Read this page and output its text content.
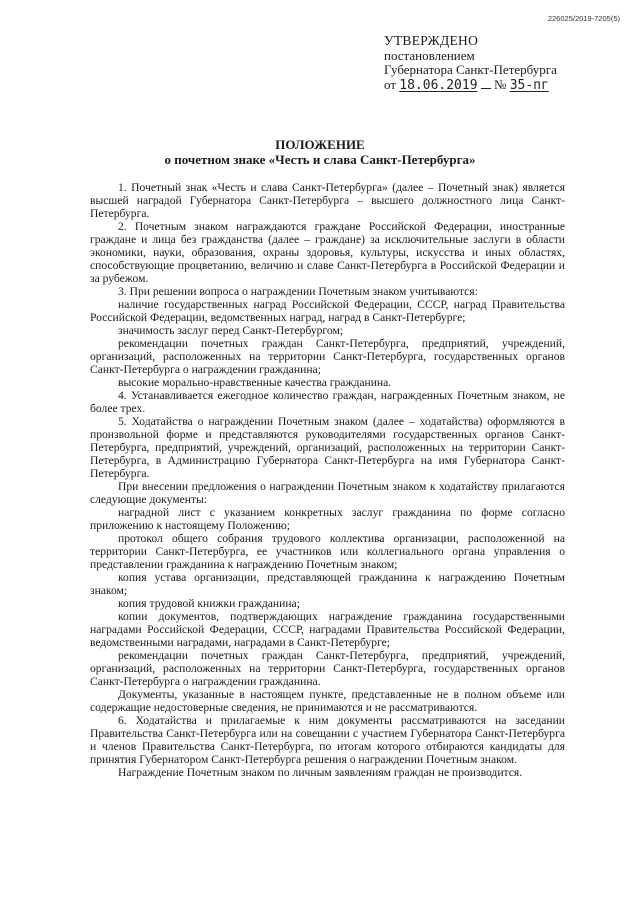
226025/2019-7205(5)
УТВЕРЖДЕНО
постановлением
Губернатора Санкт-Петербурга
от 18.06.2019 № 35-пг
ПОЛОЖЕНИЕ
о почетном знаке «Честь и слава Санкт-Петербурга»

1. Почетный знак «Честь и слава Санкт-Петербурга» (далее – Почетный знак) является высшей наградой Губернатора Санкт-Петербурга – высшего должностного лица Санкт-Петербурга.

2. Почетным знаком награждаются граждане Российской Федерации, иностранные граждане и лица без гражданства (далее – граждане) за исключительные заслуги в области экономики, науки, образования, охраны здоровья, культуры, искусства и иных областях, способствующие процветанию, величию и славе Санкт-Петербурга в Российской Федерации и за рубежом.

3. При решении вопроса о награждении Почетным знаком учитываются:

наличие государственных наград Российской Федерации, СССР, наград Правительства Российской Федерации, ведомственных наград, наград в Санкт-Петербурге;

значимость заслуг перед Санкт-Петербургом;

рекомендации почетных граждан Санкт-Петербурга, предприятий, учреждений, организаций, расположенных на территории Санкт-Петербурга, государственных органов Санкт-Петербурга о награждении гражданина;

высокие морально-нравственные качества гражданина.

4. Устанавливается ежегодное количество граждан, награжденных Почетным знаком, не более трех.

5. Ходатайства о награждении Почетным знаком (далее – ходатайства) оформляются в произвольной форме и представляются руководителями государственных органов Санкт-Петербурга, предприятий, учреждений, организаций, расположенных на территории Санкт-Петербурга, в Администрацию Губернатора Санкт-Петербурга на имя Губернатора Санкт-Петербурга.

При внесении предложения о награждении Почетным знаком к ходатайству прилагаются следующие документы:

наградной лист с указанием конкретных заслуг гражданина по форме согласно приложению к настоящему Положению;

протокол общего собрания трудового коллектива организации, расположенной на территории Санкт-Петербурга, ее участников или коллегиального органа управления о представлении гражданина к награждению Почетным знаком;

копия устава организации, представляющей гражданина к награждению Почетным знаком;

копия трудовой книжки гражданина;

копии документов, подтверждающих награждение гражданина государственными наградами Российской Федерации, СССР, наградами Правительства Российской Федерации, ведомственными наградами, наградами в Санкт-Петербурге;

рекомендации почетных граждан Санкт-Петербурга, предприятий, учреждений, организаций, расположенных на территории Санкт-Петербурга, государственных органов Санкт-Петербурга о награждении гражданина.

Документы, указанные в настоящем пункте, представленные не в полном объеме или содержащие недостоверные сведения, не принимаются и не рассматриваются.

6. Ходатайства и прилагаемые к ним документы рассматриваются на заседании Правительства Санкт-Петербурга или на совещании с участием Губернатора Санкт-Петербурга и членов Правительства Санкт-Петербурга, по итогам которого отбираются кандидаты для принятия Губернатором Санкт-Петербурга решения о награждении Почетным знаком.

Награждение Почетным знаком по личным заявлениям граждан не производится.
